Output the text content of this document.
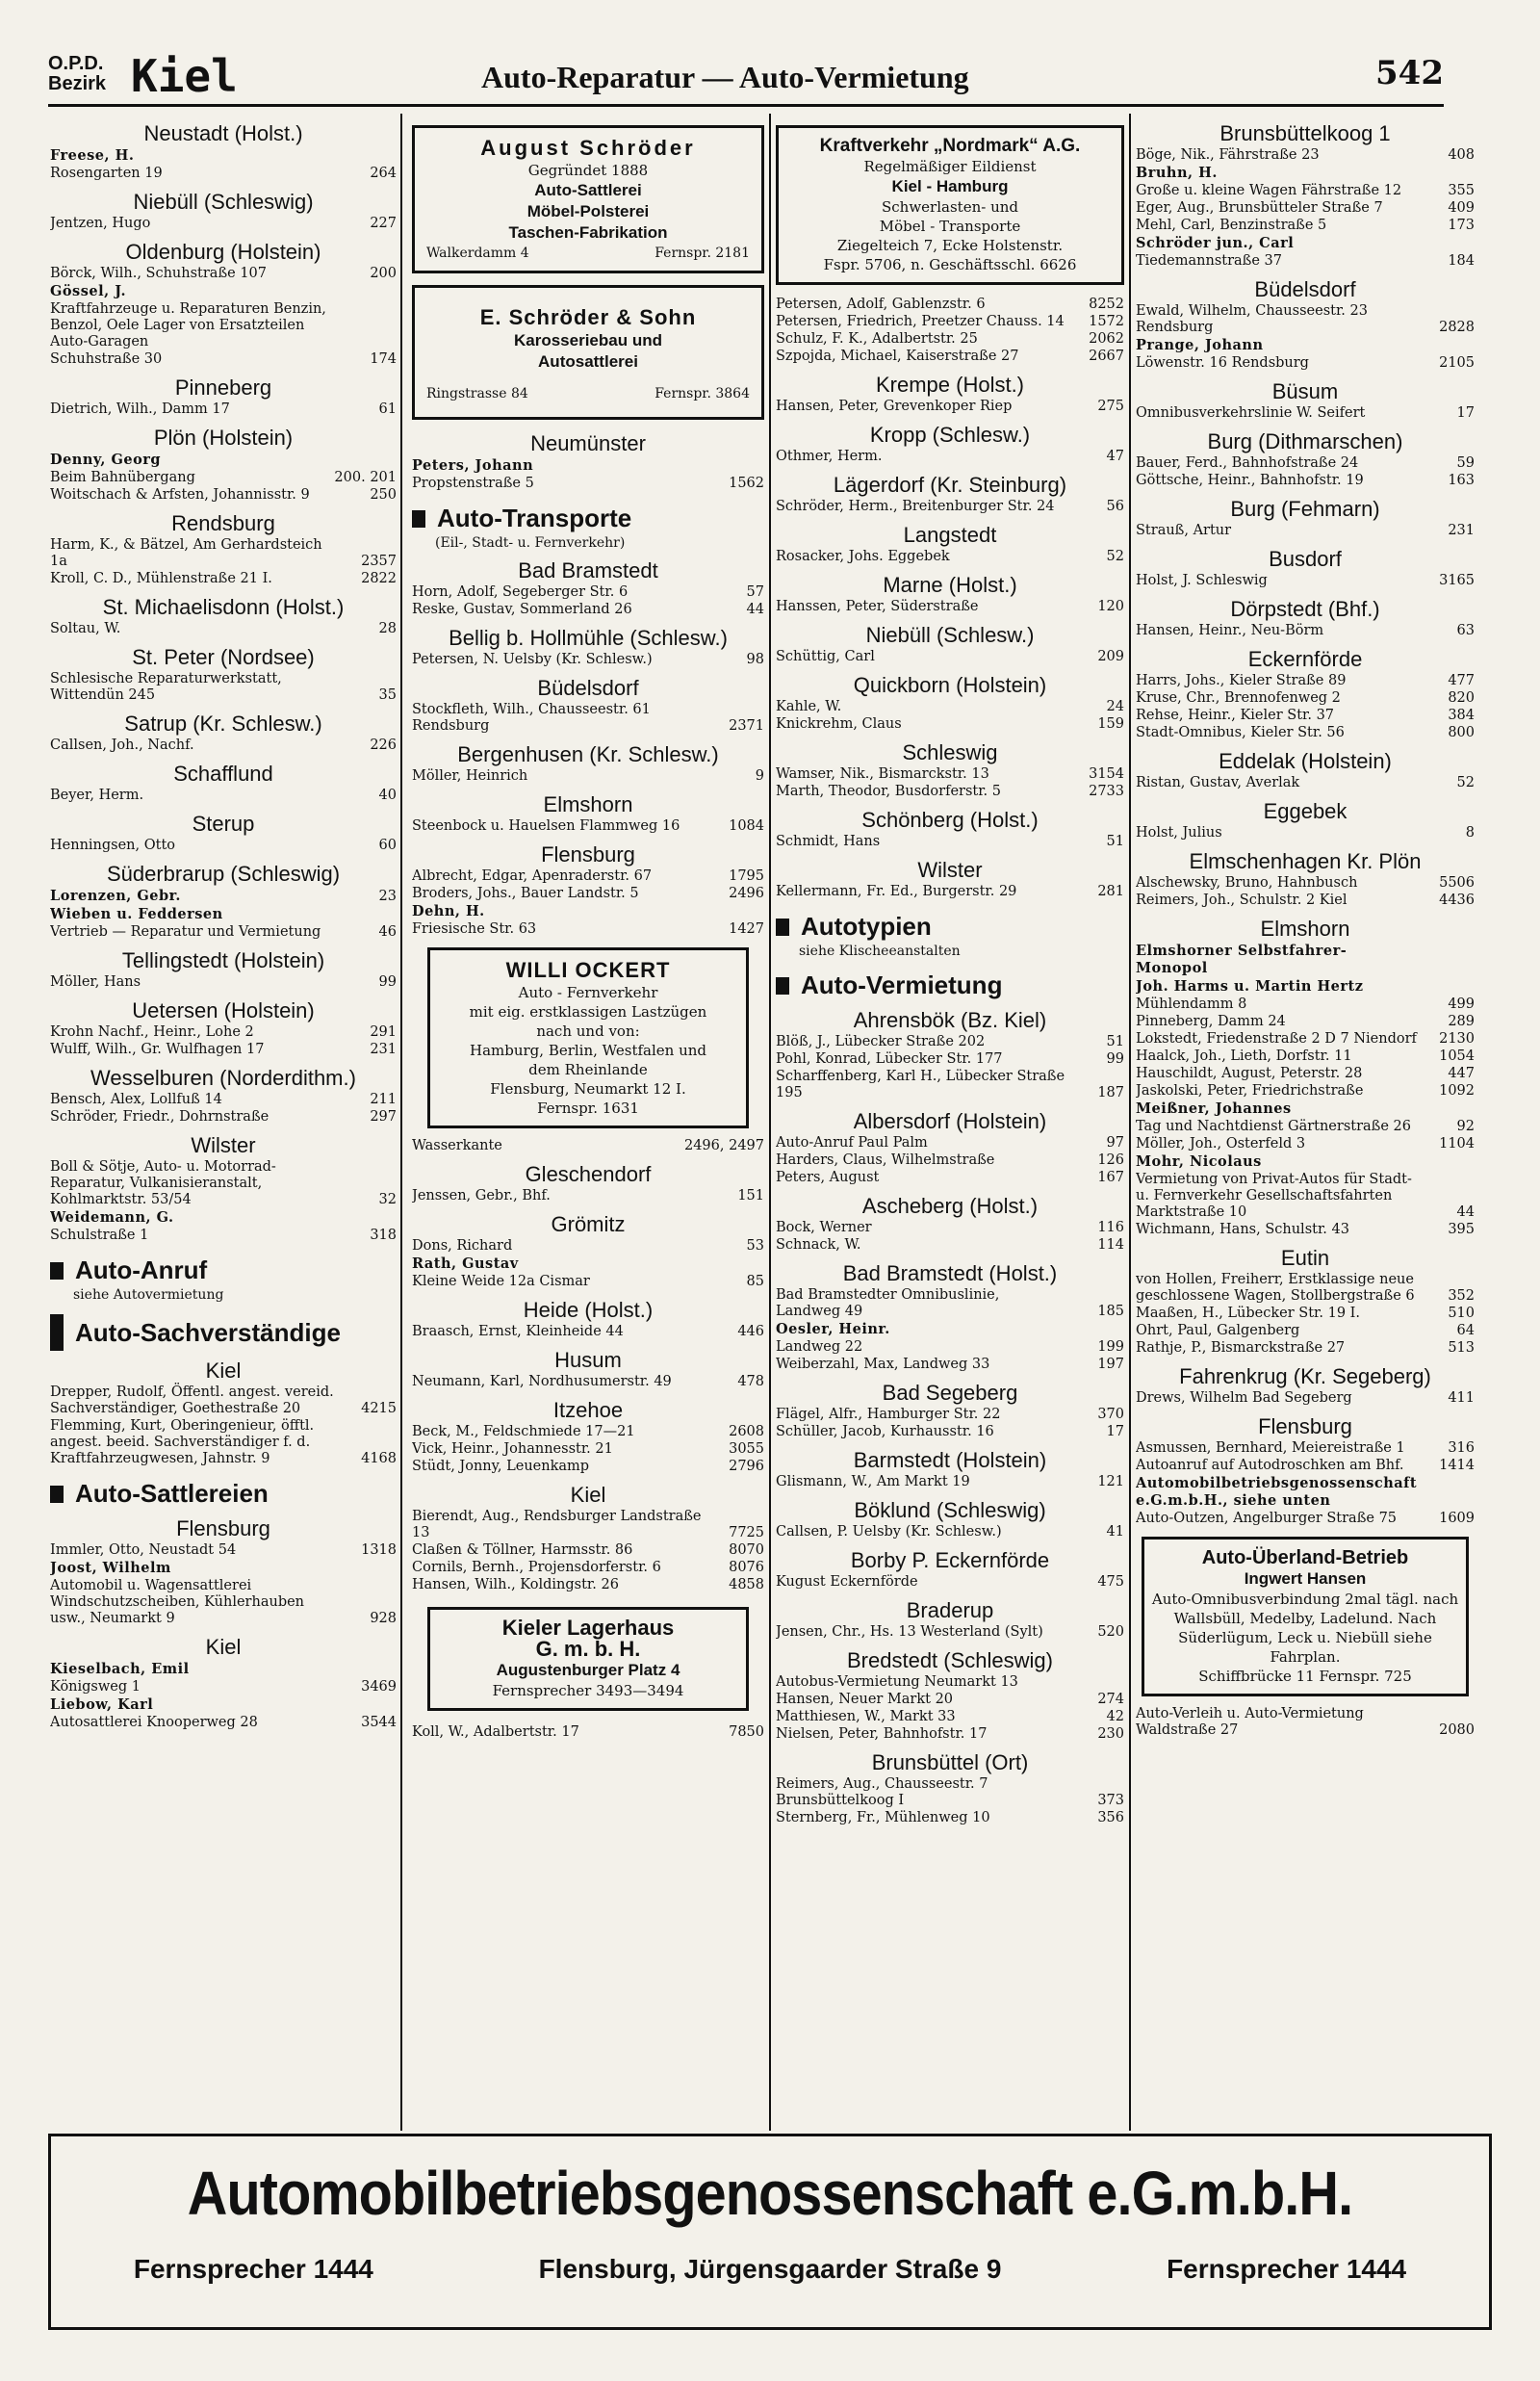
O.P.D.
Bezirk Kiel	Auto-Reparatur — Auto-Vermietung	542
Neustadt (Holst.)
Freese, H.
Rosengarten 19	264
Niebüll (Schleswig)
Jentzen, Hugo	227
Oldenburg (Holstein)
Börck, Wilh., Schuhstraße 107	200
Gössel, J.
Kraftfahrzeuge u. Reparaturen Benzin, Benzol, Oele Lager von Ersatzteilen Auto-Garagen
Schuhstraße 30	174
Pinneberg
Dietrich, Wilh., Damm 17	61
Plön (Holstein)
Denny, Georg
Beim Bahnübergang	200. 201
Woitschach & Arfsten, Johannisstr. 9	250
Rendsburg
Harm, K., & Bätzel, Am Gerhardsteich 1a	2357
Kroll, C. D., Mühlenstraße 21 I.	2822
St. Michaelisdonn (Holst.)
Soltau, W.	28
St. Peter (Nordsee)
Schlesische Reparaturwerkstatt, Wittendün 245	35
Satrup (Kr. Schlesw.)
Callsen, Joh., Nachf.	226
Schafflund
Beyer, Herm.	40
Sterup
Henningsen, Otto	60
Süderbrarup (Schleswig)
Lorenzen, Gebr.	23
Wieben u. Feddersen
Vertrieb — Reparatur und Vermietung	46
Tellingstedt (Holstein)
Möller, Hans	99
Uetersen (Holstein)
Krohn Nachf., Heinr., Lohe 2	291
Wulff, Wilh., Gr. Wulfhagen 17	231
Wesselburen (Norderdithm.)
Bensch, Alex, Lollfuß 14	211
Schröder, Friedr., Dohrnstraße	297
Wilster
Boll & Sötje, Auto- u. Motorrad-Reparatur, Vulkanisieranstalt, Kohlmarktstr. 53/54	32
Weidemann, G.
Schulstraße 1	318
Auto-Anruf
siehe Autovermietung
Auto-Sachverständige
Kiel
Drepper, Rudolf, Öffentl. angest. vereid. Sachverständiger, Goethestraße 20	4215
Flemming, Kurt, Oberingenieur, öfftl. angest. beeid. Sachverständiger f. d. Kraftfahrzeugwesen, Jahnstr. 9	4168
Auto-Sattlereien
Flensburg
Immler, Otto, Neustadt 54	1318
Joost, Wilhelm
Automobil u. Wagensattlerei Windschutzscheiben, Kühlerhauben usw., Neumarkt 9	928
Kiel
Kieselbach, Emil
Königsweg 1	3469
Liebow, Karl
Autosattlerei Knooperweg 28	3544
August Schröder
Gegründet 1888
Auto-Sattlerei
Möbel-Polsterei
Taschen-Fabrikation
Walkerdamm 4	Fernspr. 2181
E. Schröder & Sohn
Karosseriebau und
Autosattlerei
Ringstrasse 84	Fernspr. 3864
Neumünster
Peters, Johann
Propstenstraße 5	1562
Auto-Transporte
(Eil-, Stadt- u. Fernverkehr)
Bad Bramstedt
Horn, Adolf, Segeberger Str. 6	57
Reske, Gustav, Sommerland 26	44
Bellig b. Hollmühle (Schlesw.)
Petersen, N. Uelsby (Kr. Schlesw.)	98
Büdelsdorf
Stockfleth, Wilh., Chausseestr. 61 Rendsburg	2371
Bergenhusen (Kr. Schlesw.)
Möller, Heinrich	9
Elmshorn
Steenbock u. Hauelsen Flammweg 16	1084
Flensburg
Albrecht, Edgar, Apenraderstr. 67	1795
Broders, Johs., Bauer Landstr. 5	2496
Dehn, H.
Friesische Str. 63	1427
WILLI OCKERT
Auto - Fernverkehr
mit eig. erstklassigen Lastzügen
nach und von:
Hamburg, Berlin, Westfalen und
dem Rheinlande
Flensburg, Neumarkt 12 I.
Fernspr. 1631
Wasserkante	2496, 2497
Gleschendorf
Jenssen, Gebr., Bhf.	151
Grömitz
Dons, Richard	53
Rath, Gustav
Kleine Weide 12a Cismar	85
Heide (Holst.)
Braasch, Ernst, Kleinheide 44	446
Husum
Neumann, Karl, Nordhusumerstr. 49	478
Itzehoe
Beck, M., Feldschmiede 17—21	2608
Vick, Heinr., Johannesstr. 21	3055
Stüdt, Jonny, Leuenkamp	2796
Kiel
Bierendt, Aug., Rendsburger Landstraße 13	7725
Claßen & Töllner, Harmsstr. 86	8070
Cornils, Bernh., Projensdorferstr. 6	8076
Hansen, Wilh., Koldingstr. 26	4858
Kieler Lagerhaus
G. m. b. H.
Augustenburger Platz 4
Fernsprecher 3493—3494
Koll, W., Adalbertstr. 17	7850
Kraftverkehr „Nordmark“ A.G.
Regelmäßiger Eildienst
Kiel - Hamburg
Schwerlasten- und
Möbel - Transporte
Ziegelteich 7, Ecke Holstenstr.
Fspr. 5706, n. Geschäftsschl. 6626
Petersen, Adolf, Gablenzstr. 6	8252
Petersen, Friedrich, Preetzer Chauss. 14 1572
Schulz, F. K., Adalbertstr. 25	2062
Szpojda, Michael, Kaiserstraße 27	2667
Krempe (Holst.)
Hansen, Peter, Grevenkoper Riep	275
Kropp (Schlesw.)
Othmer, Herm.	47
Lägerdorf (Kr. Steinburg)
Schröder, Herm., Breitenburger Str. 24	56
Langstedt
Rosacker, Johs. Eggebek	52
Marne (Holst.)
Hanssen, Peter, Süderstraße	120
Niebüll (Schlesw.)
Schüttig, Carl	209
Quickborn (Holstein)
Kahle, W.	24
Knickrehm, Claus	159
Schleswig
Wamser, Nik., Bismarckstr. 13	3154
Marth, Theodor, Busdorferstr. 5	2733
Schönberg (Holst.)
Schmidt, Hans	51
Wilster
Kellermann, Fr. Ed., Burgerstr. 29	281
Autotypien
siehe Klischeeanstalten
Auto-Vermietung
Ahrensbök (Bz. Kiel)
Blöß, J., Lübecker Straße 202	51
Pohl, Konrad, Lübecker Str. 177	99
Scharffenberg, Karl H., Lübecker Straße 195	187
Albersdorf (Holstein)
Auto-Anruf Paul Palm	97
Harders, Claus, Wilhelmstraße	126
Peters, August	167
Ascheberg (Holst.)
Bock, Werner	116
Schnack, W.	114
Bad Bramstedt (Holst.)
Bad Bramstedter Omnibuslinie, Landweg 49	185
Oesler, Heinr.
Landweg 22	199
Weiberzahl, Max, Landweg 33	197
Bad Segeberg
Flägel, Alfr., Hamburger Str. 22	370
Schüller, Jacob, Kurhausstr. 16	17
Barmstedt (Holstein)
Glismann, W., Am Markt 19	121
Böklund (Schleswig)
Callsen, P. Uelsby (Kr. Schlesw.)	41
Borby P. Eckernförde
Kugust Eckernförde	475
Braderup
Jensen, Chr., Hs. 13 Westerland (Sylt)	520
Bredstedt (Schleswig)
Autobus-Vermietung Neumarkt 13
Hansen, Neuer Markt 20	274
Matthiesen, W., Markt 33	42
Nielsen, Peter, Bahnhofstr. 17	230
Brunsbüttel (Ort)
Reimers, Aug., Chausseestr. 7 Brunsbüttelkoog I	373
Sternberg, Fr., Mühlenweg 10	356
Brunsbüttelkoog 1
Böge, Nik., Fährstraße 23	408
Bruhn, H.
Große u. kleine Wagen Fährstraße 12	355
Eger, Aug., Brunsbütteler Straße 7	409
Mehl, Carl, Benzinstraße 5	173
Schröder jun., Carl
Tiedemannstraße 37	184
Büdelsdorf
Ewald, Wilhelm, Chausseestr. 23 Rendsburg	2828
Prange, Johann
Löwenstr. 16 Rendsburg	2105
Büsum
Omnibusverkehrslinie W. Seifert	17
Burg (Dithmarschen)
Bauer, Ferd., Bahnhofstraße 24	59
Göttsche, Heinr., Bahnhofstr. 19	163
Burg (Fehmarn)
Strauß, Artur	231
Busdorf
Holst, J. Schleswig	3165
Dörpstedt (Bhf.)
Hansen, Heinr., Neu-Börm	63
Eckernförde
Harrs, Johs., Kieler Straße 89	477
Kruse, Chr., Brennofenweg 2	820
Rehse, Heinr., Kieler Str. 37	384
Stadt-Omnibus, Kieler Str. 56	800
Eddelak (Holstein)
Ristan, Gustav, Averlak	52
Eggebek
Holst, Julius	8
Elmschenhagen Kr. Plön
Alschewsky, Bruno, Hahnbusch	5506
Reimers, Joh., Schulstr. 2 Kiel	4436
Elmshorn
Elmshorner Selbstfahrer-Monopol
Joh. Harms u. Martin Hertz
Mühlendamm 8	499
Pinneberg, Damm 24	289
Lokstedt, Friedenstraße 2 D 7 Niendorf 2130
Haalck, Joh., Lieth, Dorfstr. 11	1054
Hauschildt, August, Peterstr. 28	447
Jaskolski, Peter, Friedrichstraße	1092
Meißner, Johannes
Tag und Nachtdienst Gärtnerstraße 26	92
Möller, Joh., Osterfeld 3	1104
Mohr, Nicolaus
Vermietung von Privat-Autos für Stadt- u. Fernverkehr Gesellschaftsfahrten Marktstraße 10	44
Wichmann, Hans, Schulstr. 43	395
Eutin
von Hollen, Freiherr, Erstklassige neue geschlossene Wagen, Stollbergstraße 6 352
Maaßen, H., Lübecker Str. 19 I.	510
Ohrt, Paul, Galgenberg	64
Rathje, P., Bismarckstraße 27	513
Fahrenkrug (Kr. Segeberg)
Drews, Wilhelm Bad Segeberg	411
Flensburg
Asmussen, Bernhard, Meiereistraße 1	316
Autoanruf auf Autodroschken am Bhf.	1414
Automobilbetriebsgenossenschaft e.G.m.b.H., siehe unten
Auto-Outzen, Angelburger Straße 75	1609
Auto-Überland-Betrieb
Ingwert Hansen
Auto-Omnibusverbindung 2mal tägl. nach Wallsbüll, Medelby, Ladelund. Nach Süderlügum, Leck u. Niebüll siehe Fahrplan.
Schiffbrücke 11 Fernspr. 725
Auto-Verleih u. Auto-Vermietung Waldstraße 27	2080
Automobilbetriebsgenossenschaft e.G.m.b.H.
Fernsprecher 1444	Flensburg, Jürgensgaarder Straße 9	Fernsprecher 1444
